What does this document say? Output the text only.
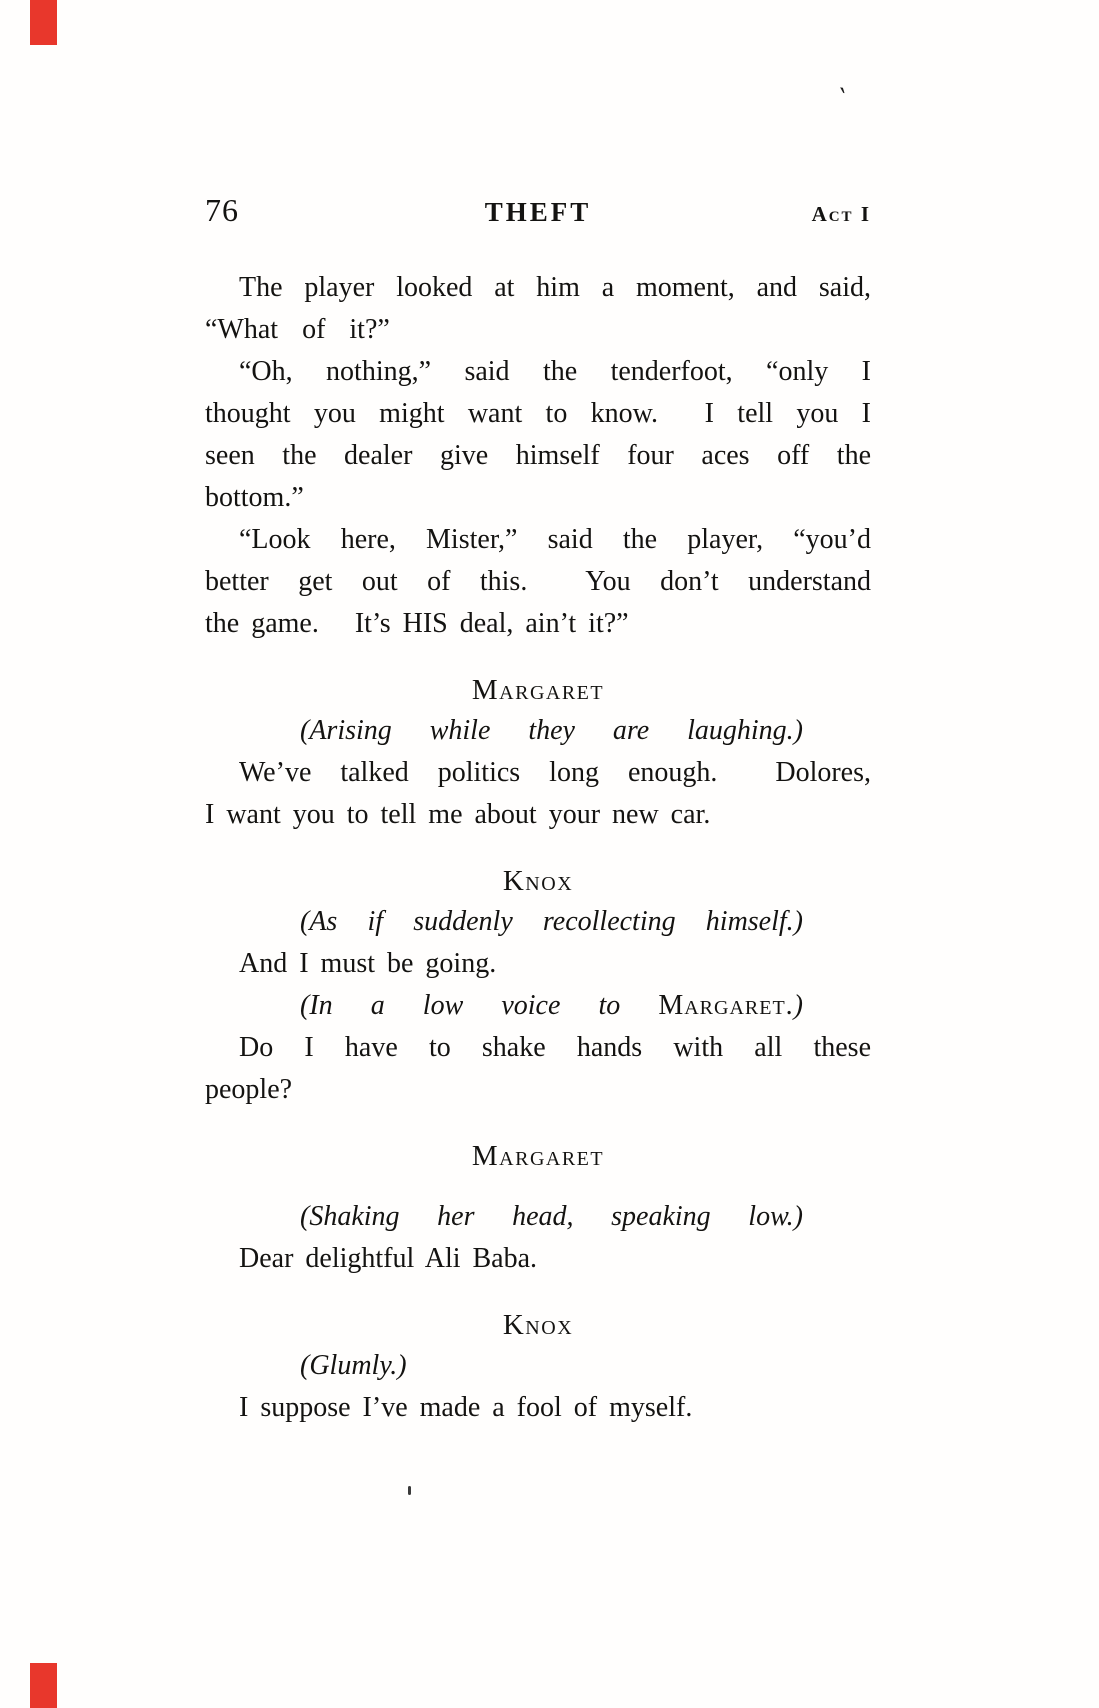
‵
76	THEFT	Act I
The player looked at him a moment, and said,
“What  of  it?”
“Oh, nothing,” said the tenderfoot, “only I
thought you might want to know.  I tell you I
seen the dealer give himself four aces off the
bottom.”
“Look here, Mister,” said the player, “you’d
better get out of this.  You don’t understand
the game.   It’s HIS deal, ain’t it?”
Margaret
(Arising while they are laughing.)
We’ve talked politics long enough.  Dolores,
I want you to tell me about your new car.
Knox
(As if suddenly recollecting himself.)
And I must be going.
(In a low voice to Margaret.)
Do I have to shake hands with all these
people?
Margaret
(Shaking her head, speaking low.)
Dear delightful Ali Baba.
Knox
(Glumly.)
I suppose I’ve made a fool of myself.
